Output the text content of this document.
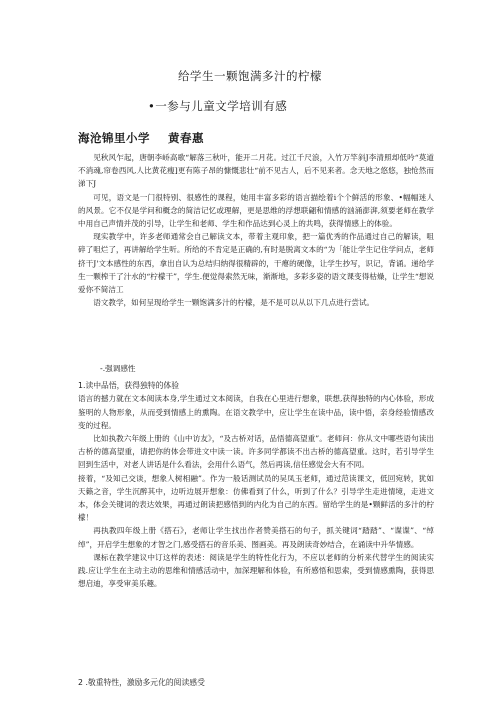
给学生一颗饱满多汁的柠檬
•一参与儿童文学培训有感
海沧锦里小学 黄春惠

见秋风乍起，唐朝李峤高歌“解落三秋叶，能开二月花。过江千尺浪，入竹万竿斜J李清照却低吟“莫道不消魂,帘卷西风,人比黄花瘦]更有陈子昂的慷慨悲壮“前不见古人，后不见来者。念天地之悠悠，独怆然而涕下J

可见，语文是一门很特别、很感性的课程，她用丰富多彩的语言描绘着i个个鲜活的形象、•幅幅迷人的风景。它不仅是学问和概念的简洁记忆或理解，更是思维的浮想联翩和情感的汹涌澎湃,须要老师在教学中用自己声情并茂的引导，让学生和老师、学生和作品达到心灵上的共鸣，获得情感上的体验。

现实教学中，许多老师通常会自己解读文本，带着主观印象，把一篇优秀的作品通过自己的解读，咀碎了咀烂了，再讲解给学生听。所给的不肯定是正确的,有时是脱离文本的“为「能让学生记住学问点，老师挤干J'文本感性的东西，拿出自认为总结归纳得很精辟的，干瘪的硬像，让学生抄写，识记，背诵。递给学生一颗榨干了汁水的“柠檬干”，学生.便觉得索然无味，渐渐地，多彩多姿的语文课变得枯燥，让学生“想说爱你不简洁工

语文教学，如何呈现给学生一颗饱满多汁的柠檬，是不是可以从以下几点进行尝试。

-.强调感性

1.读中品悟，获得独特的体验

语言的撼力就在文本阅读本身,学生通过文本阅读，自我在心里进行想象，联想,获得独特的内心体验，形成鉴明的人物形象，从而受到情感上的熏陶。在语文教学中，应让学生在读中品，读中悟，亲身经验情感改变的过程。

比如执教六年级上册的《山中访友》，“及古桥对话，品悟德高望重”。老师问：你从文中哪些语句读出古桥的德高望重，请把你的体会带进文中读一读。许多同学都读不出古桥的德高望重。这时，若引导学生回到生活中，对老人讲话是什么看法，会用什么语气，然后再读,信任感觉会大有不同。

接着，“及知己交谈，想象人树相融”。作为一般话测试员的吴凤玉老师，通过范读课文，低回宛转，犹如天籁之音，学生沉醉其中，边听边展开想象：仿佛看到了什么，听到了什么？引导学生走进情境，走进文本，体会关键词的表达效果，再通过朗读把感悟到的内化为自己的东西。留给学生的是•颗鲜活的多汁的柠檬！

再执教四年级上册《搭石》，老师让学生找出作者赞美搭石的句子，抓关键词“踏踏”、“谍谍”、“绰绰”，开启学生想象的才智之门,感受搭石的音乐美、图画美。再及朗读奇妙结合，在诵读中升华情感。

课标在教学建议中订这样的表述：阅读是学生的特性化行为，不应以老师的分析来代替学生的阅读实践.应让学生在主动主动的思维和情感活动中，加深理解和体验，有所感悟和思索，受到情感熏陶，获得思想启迪，享受审美乐趣。

2 .敬重特性，激励多元化的阅读感受
